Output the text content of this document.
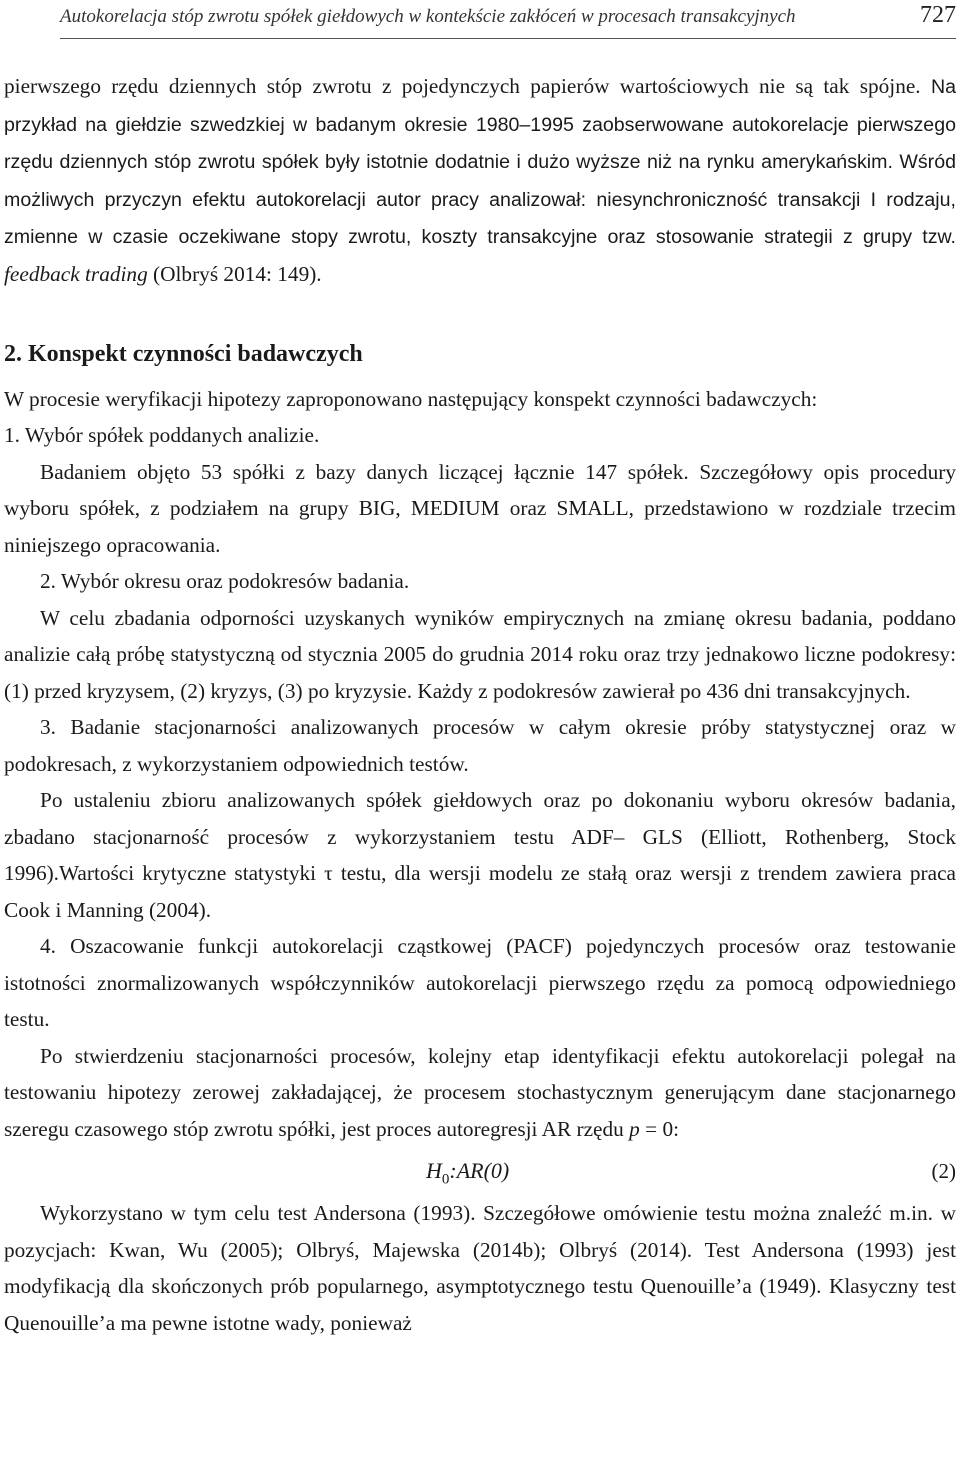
Autokorelacja stóp zwrotu spółek giełdowych w kontekście zakłóceń w procesach transakcyjnych	727

pierwszego rzędu dziennych stóp zwrotu z pojedynczych papierów wartościowych nie są tak spójne. Na przykład na giełdzie szwedzkiej w badanym okresie 1980–1995 zaobserwowane autokorelacje pierwszego rzędu dziennych stóp zwrotu spółek były istotnie dodatnie i dużo wyższe niż na rynku amerykańskim. Wśród możliwych przyczyn efektu autokorelacji autor pracy analizował: niesynchroniczność transakcji I rodzaju, zmienne w czasie oczekiwane stopy zwrotu, koszty transakcyjne oraz stosowanie strategii z grupy tzw. feedback trading (Olbryś 2014: 149).

2. Konspekt czynności badawczych

W procesie weryfikacji hipotezy zaproponowano następujący konspekt czynności badawczych:

1. Wybór spółek poddanych analizie.

Badaniem objęto 53 spółki z bazy danych liczącej łącznie 147 spółek. Szczegółowy opis procedury wyboru spółek, z podziałem na grupy BIG, MEDIUM oraz SMALL, przedstawiono w rozdziale trzecim niniejszego opracowania.

2. Wybór okresu oraz podokresów badania.

W celu zbadania odporności uzyskanych wyników empirycznych na zmianę okresu badania, poddano analizie całą próbę statystyczną od stycznia 2005 do grudnia 2014 roku oraz trzy jednakowo liczne podokresy: (1) przed kryzysem, (2) kryzys, (3) po kryzysie. Każdy z podokresów zawierał po 436 dni transakcyjnych.

3. Badanie stacjonarności analizowanych procesów w całym okresie próby statystycznej oraz w podokresach, z wykorzystaniem odpowiednich testów.

Po ustaleniu zbioru analizowanych spółek giełdowych oraz po dokonaniu wyboru okresów badania, zbadano stacjonarność procesów z wykorzystaniem testu ADF– GLS (Elliott, Rothenberg, Stock 1996).Wartości krytyczne statystyki τ testu, dla wersji modelu ze stałą oraz wersji z trendem zawiera praca Cook i Manning (2004).

4. Oszacowanie funkcji autokorelacji cząstkowej (PACF) pojedynczych procesów oraz testowanie istotności znormalizowanych współczynników autokorelacji pierwszego rzędu za pomocą odpowiedniego testu.

Po stwierdzeniu stacjonarności procesów, kolejny etap identyfikacji efektu autokorelacji polegał na testowaniu hipotezy zerowej zakładającej, że procesem stochastycznym generującym dane stacjonarnego szeregu czasowego stóp zwrotu spółki, jest proces autoregresji AR rzędu p = 0:

$H_0:AR(0)$	(2)

Wykorzystano w tym celu test Andersona (1993). Szczegółowe omówienie testu można znaleźć m.in. w pozycjach: Kwan, Wu (2005); Olbryś, Majewska (2014b); Olbryś (2014). Test Andersona (1993) jest modyfikacją dla skończonych prób popularnego, asymptotycznego testu Quenouille’a (1949). Klasyczny test Quenouille’a ma pewne istotne wady, ponieważ
